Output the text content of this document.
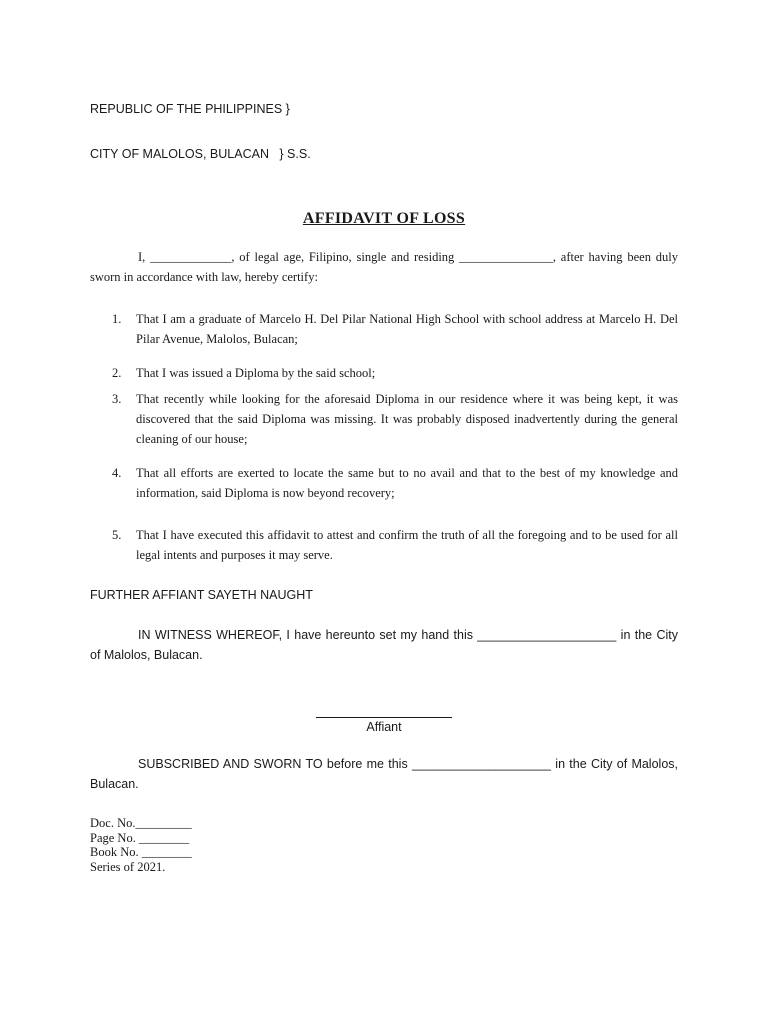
REPUBLIC OF THE PHILIPPINES }

CITY OF MALOLOS, BULACAN   } S.S.

AFFIDAVIT OF LOSS

I, _____________, of legal age, Filipino, single and residing _______________, after having been duly sworn in accordance with law, hereby certify:

1. That I am a graduate of Marcelo H. Del Pilar National High School with school address at Marcelo H. Del Pilar Avenue, Malolos, Bulacan;
2. That I was issued a Diploma by the said school;
3. That recently while looking for the aforesaid Diploma in our residence where it was being kept, it was discovered that the said Diploma was missing. It was probably disposed inadvertently during the general cleaning of our house;
4. That all efforts are exerted to locate the same but to no avail and that to the best of my knowledge and information, said Diploma is now beyond recovery;
5. That I have executed this affidavit to attest and confirm the truth of all the foregoing and to be used for all legal intents and purposes it may serve.
FURTHER AFFIANT SAYETH NAUGHT

IN WITNESS WHEREOF, I have hereunto set my hand this ____________________ in the City of Malolos, Bulacan.

Affiant

SUBSCRIBED AND SWORN TO before me this ____________________ in the City of Malolos, Bulacan.

Doc. No._________
Page No. ________
Book No. ________
Series of 2021.
